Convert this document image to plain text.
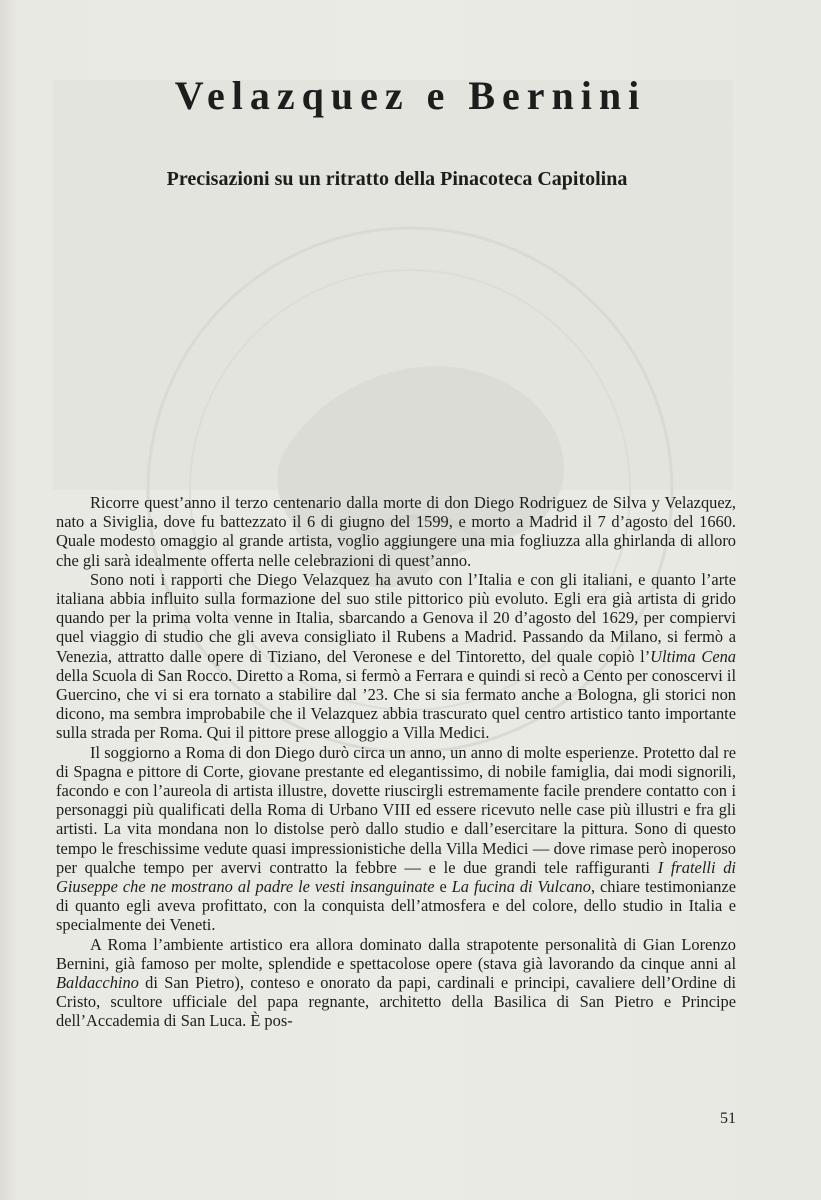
Velazquez e Bernini
Precisazioni su un ritratto della Pinacoteca Capitolina

Ricorre quest’anno il terzo centenario dalla morte di don Diego Rodriguez de Silva y Velazquez, nato a Siviglia, dove fu battezzato il 6 di giugno del 1599, e morto a Madrid il 7 d’agosto del 1660. Quale modesto omaggio al grande artista, voglio aggiungere una mia fogliuzza alla ghirlanda di alloro che gli sarà idealmente offerta nelle celebrazioni di quest’anno.

Sono noti i rapporti che Diego Velazquez ha avuto con l’Italia e con gli italiani, e quanto l’arte italiana abbia influito sulla formazione del suo stile pittorico più evoluto. Egli era già artista di grido quando per la prima volta venne in Italia, sbarcando a Genova il 20 d’agosto del 1629, per compiervi quel viaggio di studio che gli aveva consigliato il Rubens a Madrid. Passando da Milano, si fermò a Venezia, attratto dalle opere di Tiziano, del Veronese e del Tintoretto, del quale copiò l’Ultima Cena della Scuola di San Rocco. Diretto a Roma, si fermò a Ferrara e quindi si recò a Cento per conoscervi il Guercino, che vi si era tornato a stabilire dal ’23. Che si sia fermato anche a Bologna, gli storici non dicono, ma sembra improbabile che il Velazquez abbia trascurato quel centro artistico tanto importante sulla strada per Roma. Qui il pittore prese alloggio a Villa Medici.

Il soggiorno a Roma di don Diego durò circa un anno, un anno di molte esperienze. Protetto dal re di Spagna e pittore di Corte, giovane prestante ed elegantissimo, di nobile famiglia, dai modi signorili, facondo e con l’aureola di artista illustre, dovette riuscirgli estremamente facile prendere contatto con i personaggi più qualificati della Roma di Urbano VIII ed essere ricevuto nelle case più illustri e fra gli artisti. La vita mondana non lo distolse però dallo studio e dall’esercitare la pittura. Sono di questo tempo le freschissime vedute quasi impressionistiche della Villa Medici — dove rimase però inoperoso per qualche tempo per avervi contratto la febbre — e le due grandi tele raffiguranti I fratelli di Giuseppe che ne mostrano al padre le vesti insanguinate e La fucina di Vulcano, chiare testimonianze di quanto egli aveva profittato, con la conquista dell’atmosfera e del colore, dello studio in Italia e specialmente dei Veneti.

A Roma l’ambiente artistico era allora dominato dalla strapotente personalità di Gian Lorenzo Bernini, già famoso per molte, splendide e spettacolose opere (stava già lavorando da cinque anni al Baldacchino di San Pietro), conteso e onorato da papi, cardinali e principi, cavaliere dell’Ordine di Cristo, scultore ufficiale del papa regnante, architetto della Basilica di San Pietro e Principe dell’Accademia di San Luca. È pos-

51
